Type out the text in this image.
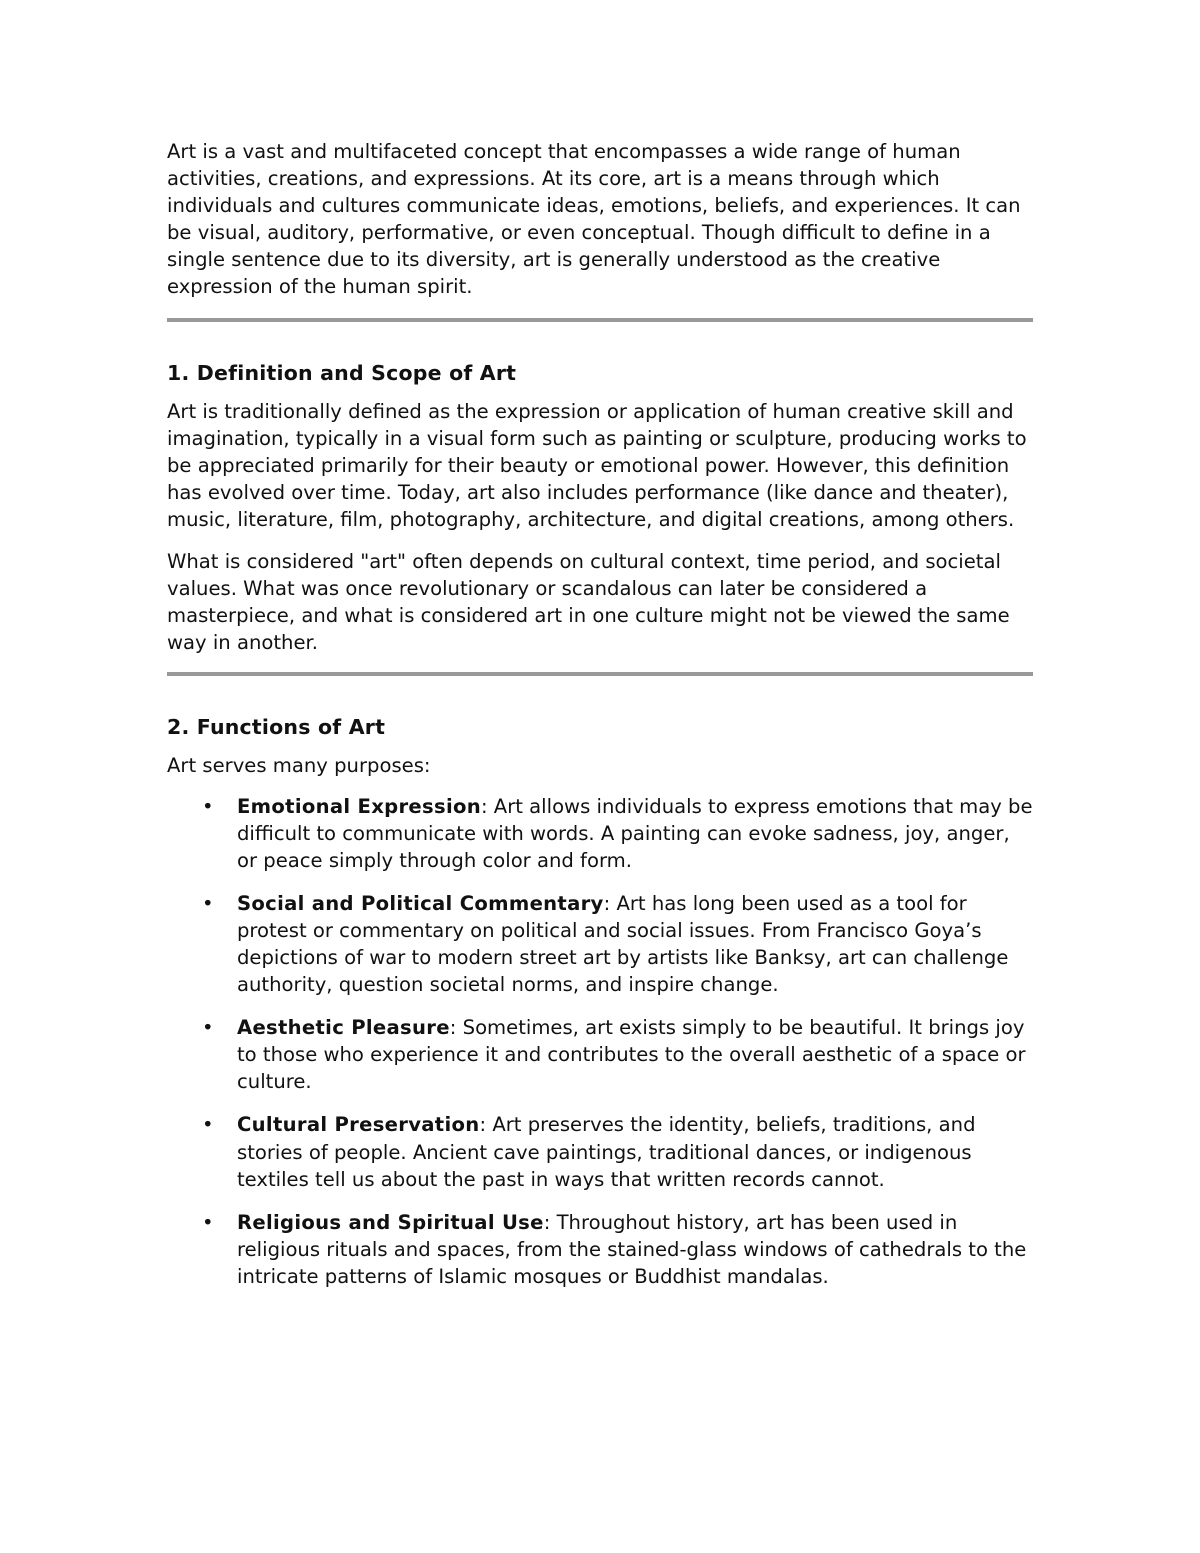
Art is a vast and multifaceted concept that encompasses a wide range of human activities, creations, and expressions. At its core, art is a means through which individuals and cultures communicate ideas, emotions, beliefs, and experiences. It can be visual, auditory, performative, or even conceptual. Though difficult to define in a single sentence due to its diversity, art is generally understood as the creative expression of the human spirit.

1. Definition and Scope of Art

Art is traditionally defined as the expression or application of human creative skill and imagination, typically in a visual form such as painting or sculpture, producing works to be appreciated primarily for their beauty or emotional power. However, this definition has evolved over time. Today, art also includes performance (like dance and theater), music, literature, film, photography, architecture, and digital creations, among others.

What is considered "art" often depends on cultural context, time period, and societal values. What was once revolutionary or scandalous can later be considered a masterpiece, and what is considered art in one culture might not be viewed the same way in another.

2. Functions of Art

Art serves many purposes:

• Emotional Expression: Art allows individuals to express emotions that may be difficult to communicate with words. A painting can evoke sadness, joy, anger, or peace simply through color and form.
• Social and Political Commentary: Art has long been used as a tool for protest or commentary on political and social issues. From Francisco Goya’s depictions of war to modern street art by artists like Banksy, art can challenge authority, question societal norms, and inspire change.
• Aesthetic Pleasure: Sometimes, art exists simply to be beautiful. It brings joy to those who experience it and contributes to the overall aesthetic of a space or culture.
• Cultural Preservation: Art preserves the identity, beliefs, traditions, and stories of people. Ancient cave paintings, traditional dances, or indigenous textiles tell us about the past in ways that written records cannot.
• Religious and Spiritual Use: Throughout history, art has been used in religious rituals and spaces, from the stained-glass windows of cathedrals to the intricate patterns of Islamic mosques or Buddhist mandalas.
